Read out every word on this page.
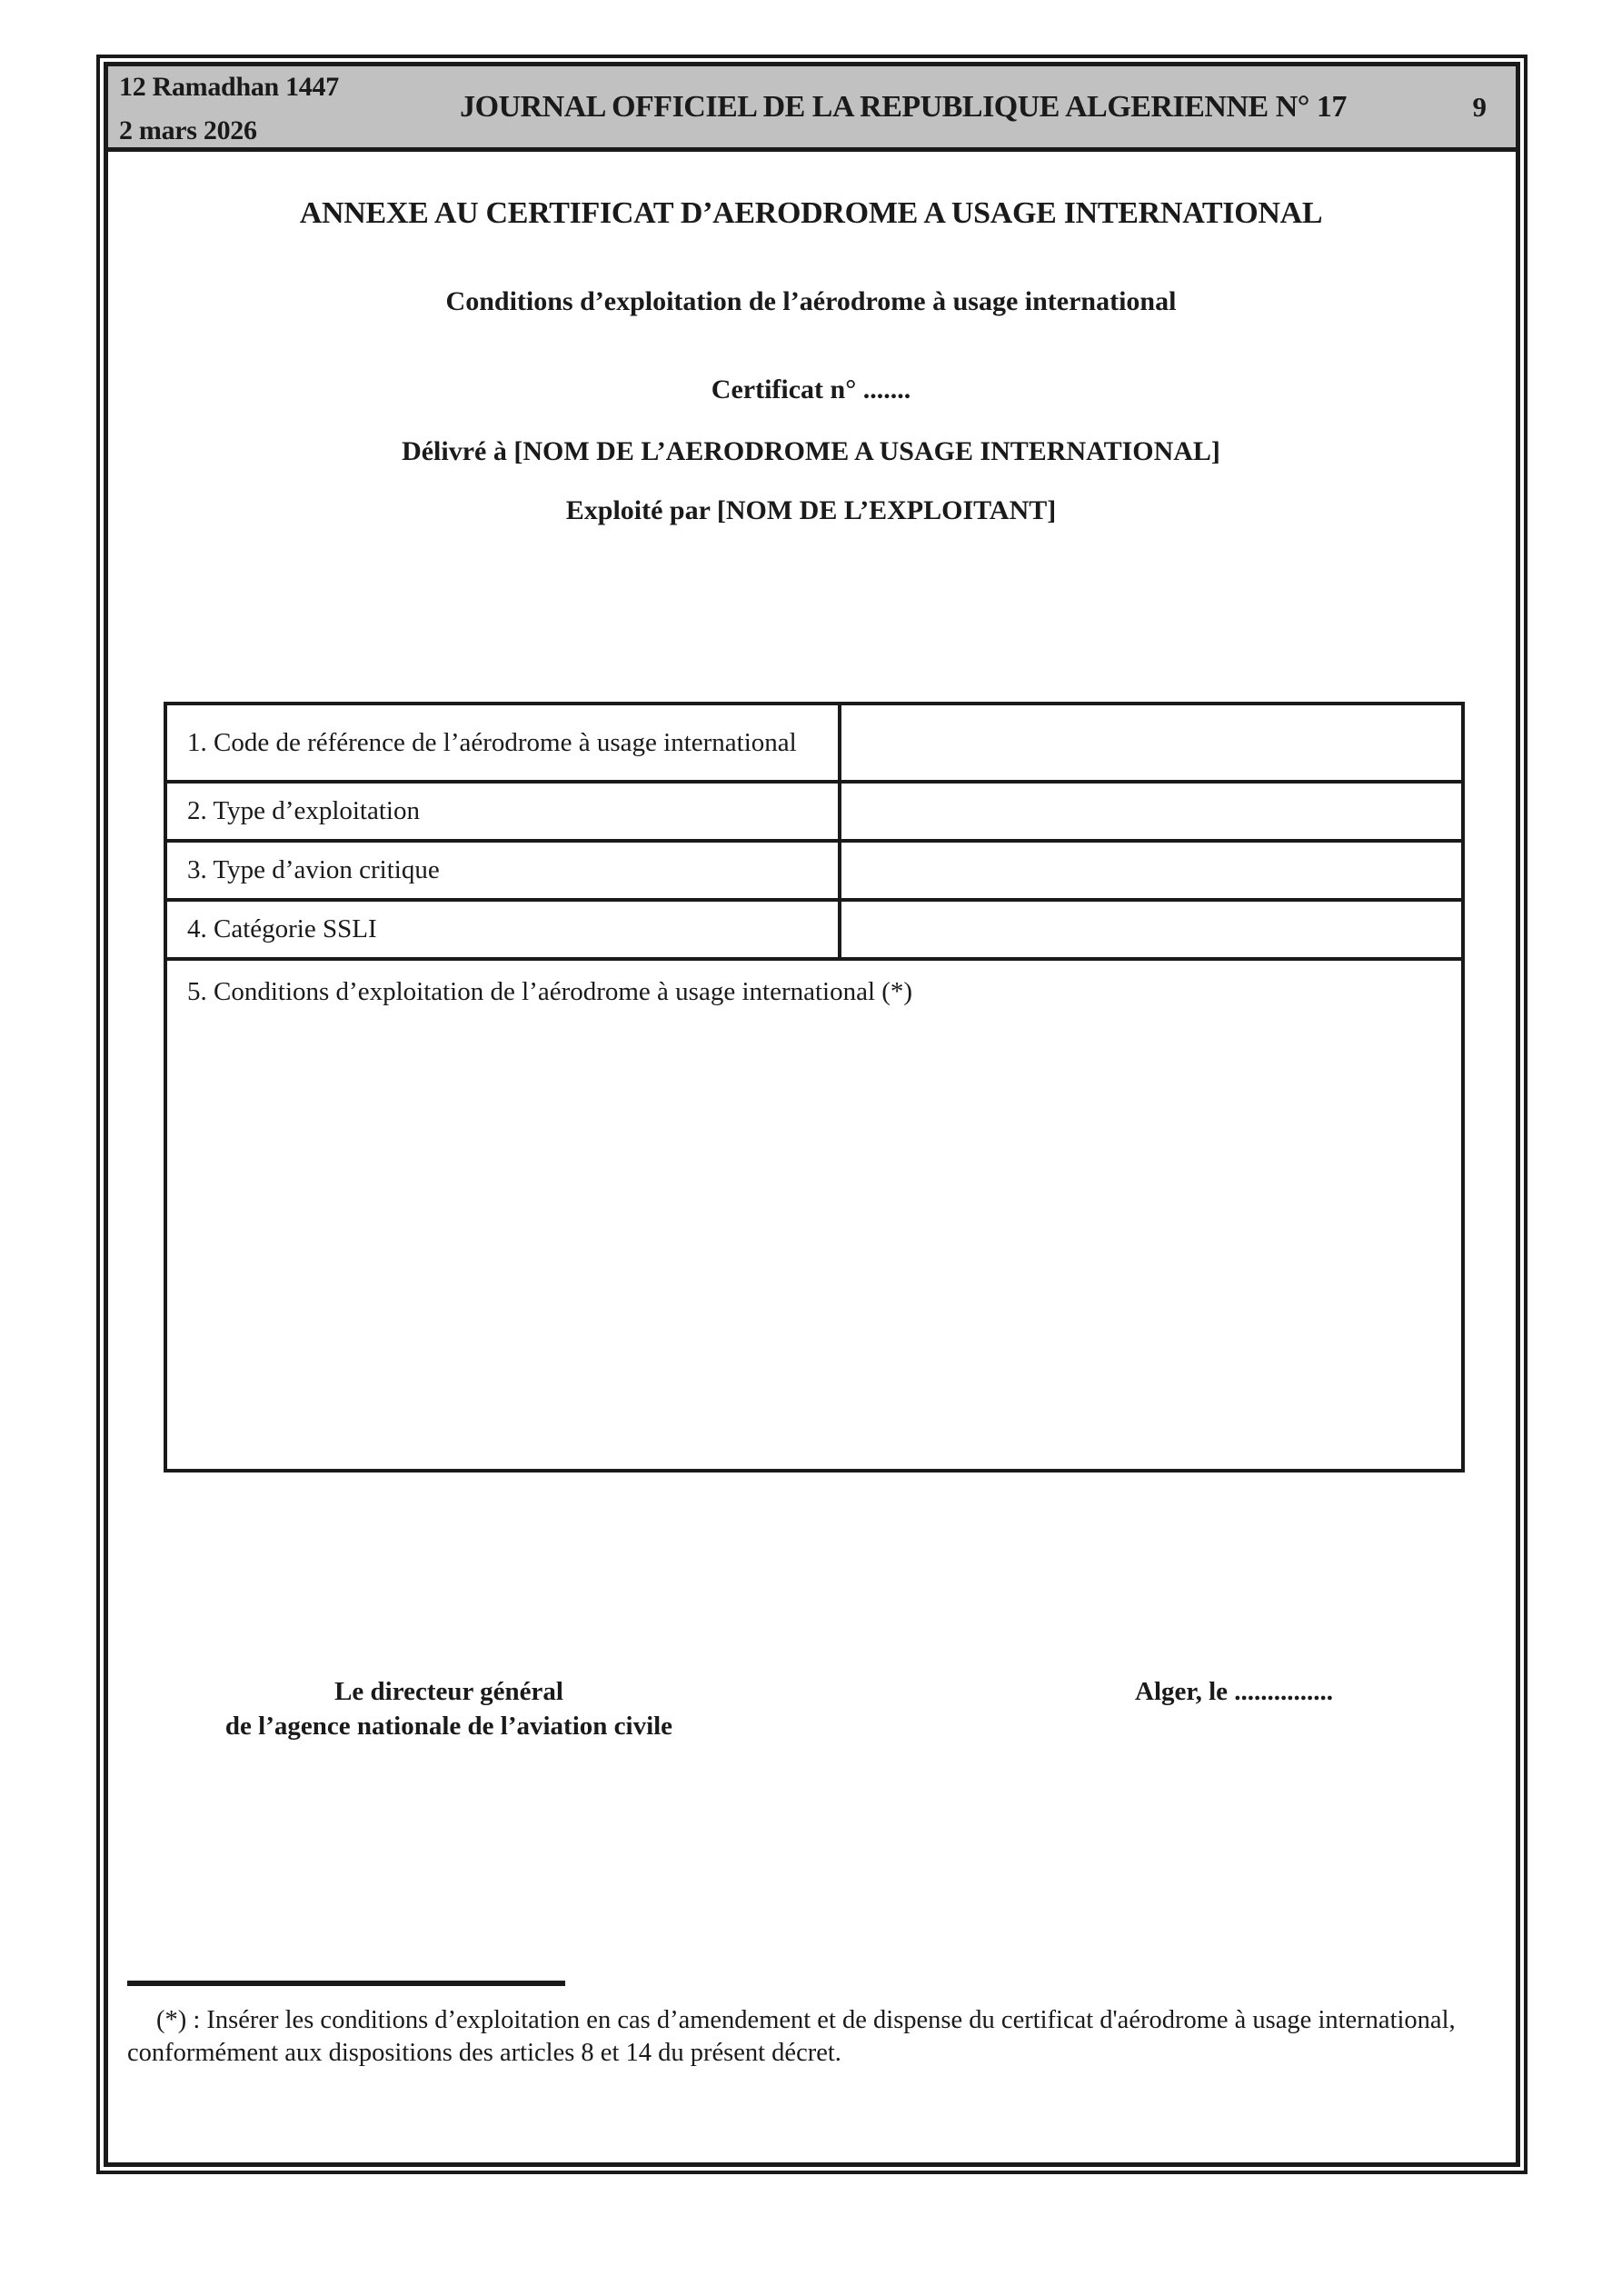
12 Ramadhan 1447
2 mars 2026
JOURNAL OFFICIEL DE LA REPUBLIQUE ALGERIENNE N° 17	9
ANNEXE AU CERTIFICAT D’AERODROME A USAGE INTERNATIONAL
Conditions d’exploitation de l’aérodrome à usage international
Certificat n° .......
Délivré à [NOM DE L’AERODROME A USAGE INTERNATIONAL]
Exploité par [NOM DE L’EXPLOITANT]
1. Code de référence de l’aérodrome à usage international
2. Type d’exploitation
3. Type d’avion critique
4. Catégorie SSLI
5. Conditions d’exploitation de l’aérodrome à usage international (*)
Le directeur général
de l’agence nationale de l’aviation civile
Alger, le ...............
(*) : Insérer les conditions d’exploitation en cas d’amendement et de dispense du certificat d'aérodrome à usage international,
conformément aux dispositions des articles 8 et 14 du présent décret.
